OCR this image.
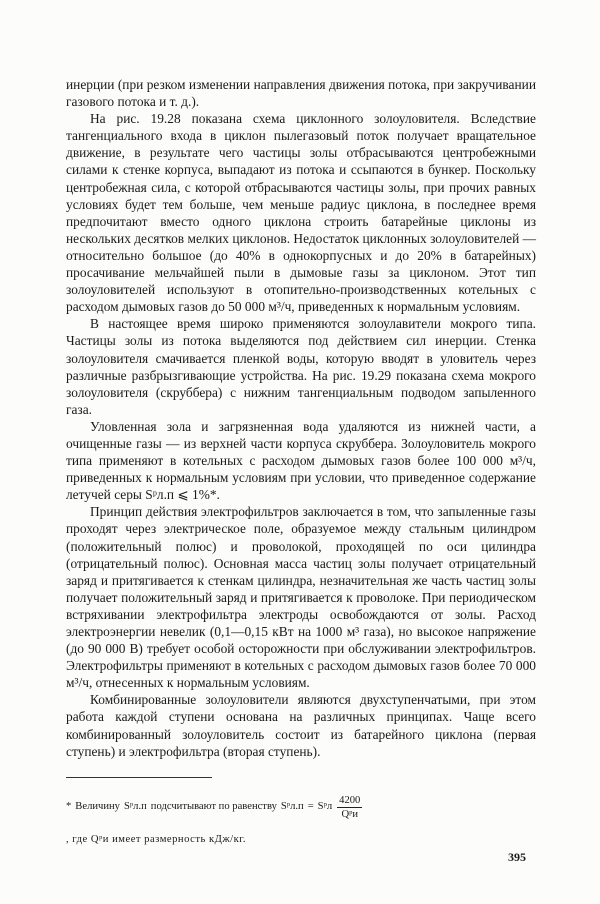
инерции (при резком изменении направления движения потока, при закручивании газового потока и т. д.).

На рис. 19.28 показана схема циклонного золоуловителя. Вследствие тангенциального входа в циклон пылегазовый поток получает вращательное движение, в результате чего частицы золы отбрасываются центробежными силами к стенке корпуса, выпадают из потока и ссыпаются в бункер. Поскольку центробежная сила, с которой отбрасываются частицы золы, при прочих равных условиях будет тем больше, чем меньше радиус циклона, в последнее время предпочитают вместо одного циклона строить батарейные циклоны из нескольких десятков мелких циклонов. Недостаток циклонных золоуловителей — относительно большое (до 40% в однокорпусных и до 20% в батарейных) просачивание мельчайшей пыли в дымовые газы за циклоном. Этот тип золоуловителей используют в отопительно-производственных котельных с расходом дымовых газов до 50 000 м³/ч, приведенных к нормальным условиям.

В настоящее время широко применяются золоулавители мокрого типа. Частицы золы из потока выделяются под действием сил инерции. Стенка золоуловителя смачивается пленкой воды, которую вводят в уловитель через различные разбрызгивающие устройства. На рис. 19.29 показана схема мокрого золоуловителя (скруббера) с нижним тангенциальным подводом запыленного газа.

Уловленная зола и загрязненная вода удаляются из нижней части, а очищенные газы — из верхней части корпуса скруббера. Золоуловитель мокрого типа применяют в котельных с расходом дымовых газов более 100 000 м³/ч, приведенных к нормальным условиям при условии, что приведенное содержание летучей серы Sᵖл.п ⩽ 1%*.

Принцип действия электрофильтров заключается в том, что запыленные газы проходят через электрическое поле, образуемое между стальным цилиндром (положительный полюс) и проволокой, проходящей по оси цилиндра (отрицательный полюс). Основная масса частиц золы получает отрицательный заряд и притягивается к стенкам цилиндра, незначительная же часть частиц золы получает положительный заряд и притягивается к проволоке. При периодическом встряхивании электрофильтра электроды освобождаются от золы. Расход электроэнергии невелик (0,1—0,15 кВт на 1000 м³ газа), но высокое напряжение (до 90 000 В) требует особой осторожности при обслуживании электрофильтров. Электрофильтры применяют в котельных с расходом дымовых газов более 70 000 м³/ч, отнесенных к нормальным условиям.

Комбинированные золоуловители являются двухступенчатыми, при этом работа каждой ступени основана на различных принципах. Чаще всего комбинированный золоуловитель состоит из батарейного циклона (первая ступень) и электрофильтра (вторая ступень).

* Величину Sᵖл.п подсчитывают по равенству Sᵖл.п = Sᵖл $\frac{4200}{\text{Qᵖи}}$
, где Qᵖи имеет размерность кДж/кг.
395
